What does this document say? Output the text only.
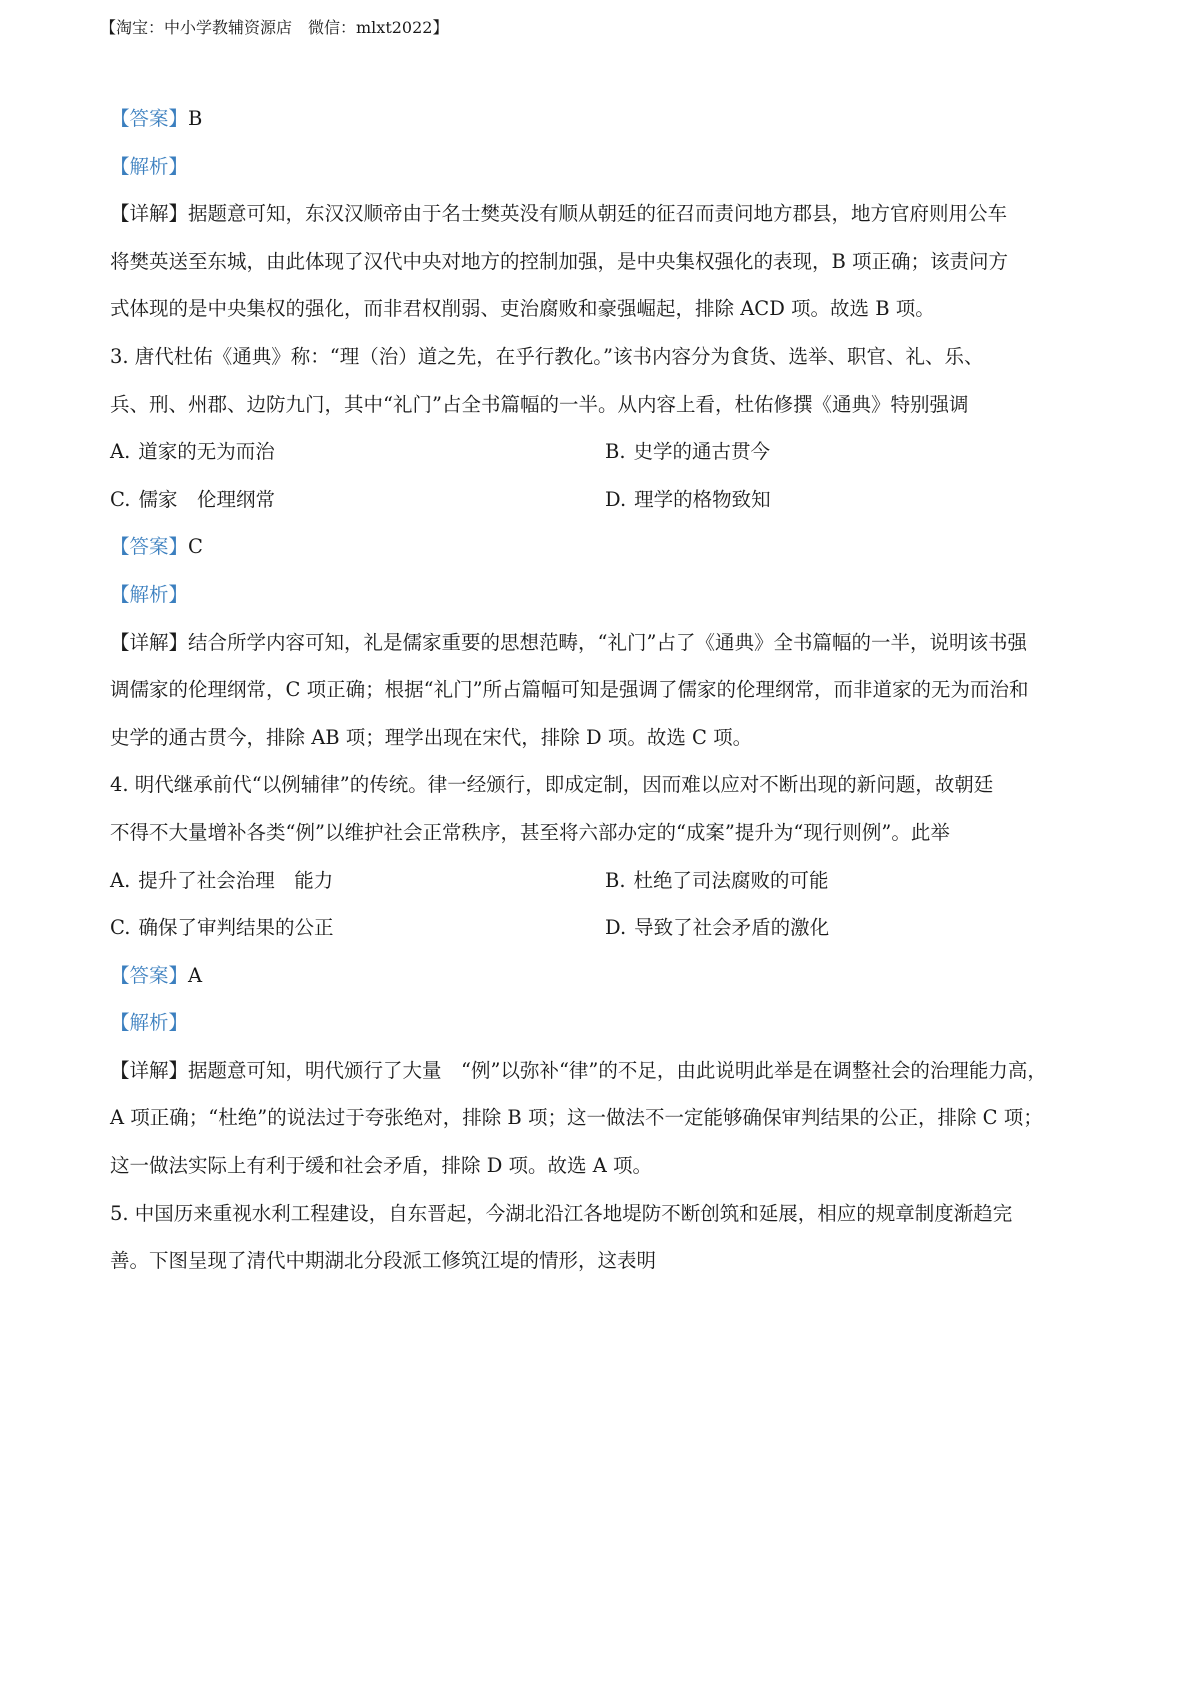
【淘宝：中小学教辅资源店　微信：mlxt2022】
【答案】B
【解析】
【详解】据题意可知，东汉汉顺帝由于名士樊英没有顺从朝廷的征召而责问地方郡县，地方官府则用公车
将樊英送至东城，由此体现了汉代中央对地方的控制加强，是中央集权强化的表现，B 项正确；该责问方
式体现的是中央集权的强化，而非君权削弱、吏治腐败和豪强崛起，排除 ACD 项。故选 B 项。
3. 唐代杜佑《通典》称：“理（治）道之先，在乎行教化。”该书内容分为食货、选举、职官、礼、乐、
兵、刑、州郡、边防九门，其中“礼门”占全书篇幅的一半。从内容上看，杜佑修撰《通典》特别强调
A. 道家的无为而治	B. 史学的通古贯今
C. 儒家　伦理纲常	D. 理学的格物致知
【答案】C
【解析】
【详解】结合所学内容可知，礼是儒家重要的思想范畴，“礼门”占了《通典》全书篇幅的一半，说明该书强
调儒家的伦理纲常，C 项正确；根据“礼门”所占篇幅可知是强调了儒家的伦理纲常，而非道家的无为而治和
史学的通古贯今，排除 AB 项；理学出现在宋代，排除 D 项。故选 C 项。
4. 明代继承前代“以例辅律”的传统。律一经颁行，即成定制，因而难以应对不断出现的新问题，故朝廷
不得不大量增补各类“例”以维护社会正常秩序，甚至将六部办定的“成案”提升为“现行则例”。此举
A. 提升了社会治理　能力	B. 杜绝了司法腐败的可能
C. 确保了审判结果的公正	D. 导致了社会矛盾的激化
【答案】A
【解析】
【详解】据题意可知，明代颁行了大量　“例”以弥补“律”的不足，由此说明此举是在调整社会的治理能力高，
A 项正确；“杜绝”的说法过于夸张绝对，排除 B 项；这一做法不一定能够确保审判结果的公正，排除 C 项；
这一做法实际上有利于缓和社会矛盾，排除 D 项。故选 A 项。
5. 中国历来重视水利工程建设，自东晋起，今湖北沿江各地堤防不断创筑和延展，相应的规章制度渐趋完
善。下图呈现了清代中期湖北分段派工修筑江堤的情形，这表明
